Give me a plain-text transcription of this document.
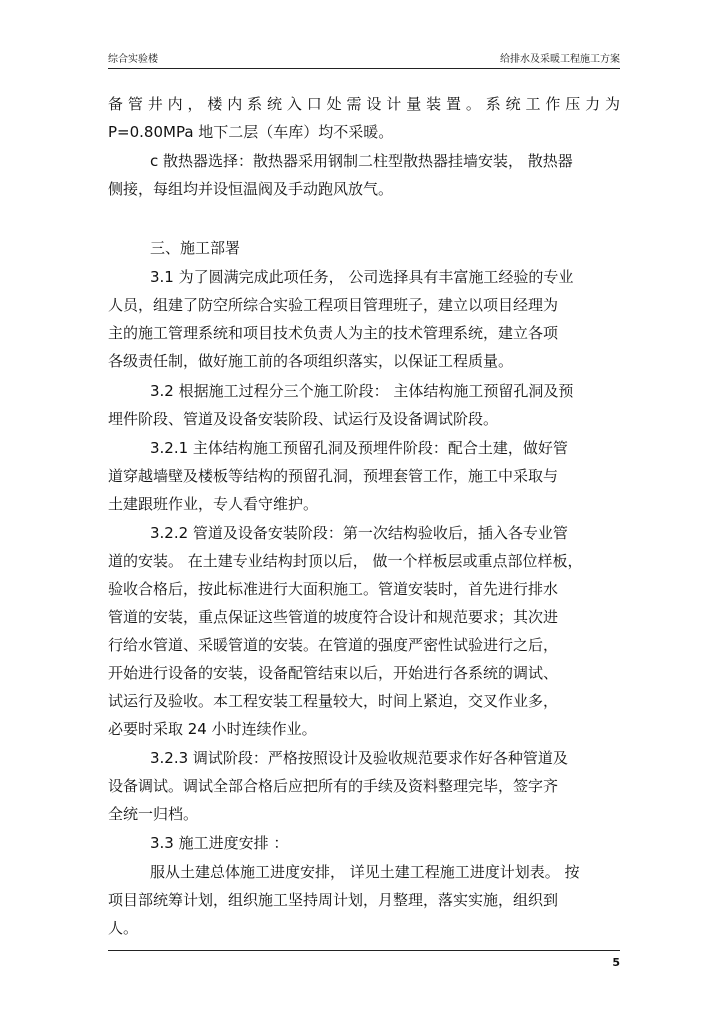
综合实验楼	给排水及采暖工程施工方案
备 管 井 内 ， 楼 内 系 统 入 口 处 需 设 计 量 装 置 。 系 统 工 作 压 力 为
P=0.80MPa 地下二层（车库）均不采暖。
c 散热器选择：散热器采用钢制二柱型散热器挂墙安装， 散热器
侧接，每组均并设恒温阀及手动跑风放气。
三、施工部署
3.1 为了圆满完成此项任务， 公司选择具有丰富施工经验的专业
人员，组建了防空所综合实验工程项目管理班子，建立以项目经理为
主的施工管理系统和项目技术负责人为主的技术管理系统，建立各项
各级责任制，做好施工前的各项组织落实，以保证工程质量。
3.2 根据施工过程分三个施工阶段： 主体结构施工预留孔洞及预
埋件阶段、管道及设备安装阶段、试运行及设备调试阶段。
3.2.1 主体结构施工预留孔洞及预埋件阶段：配合土建，做好管
道穿越墙壁及楼板等结构的预留孔洞，预埋套管工作，施工中采取与
土建跟班作业，专人看守维护。
3.2.2 管道及设备安装阶段：第一次结构验收后，插入各专业管
道的安装。 在土建专业结构封顶以后， 做一个样板层或重点部位样板，
验收合格后，按此标准进行大面积施工。管道安装时，首先进行排水
管道的安装，重点保证这些管道的坡度符合设计和规范要求；其次进
行给水管道、采暖管道的安装。在管道的强度严密性试验进行之后，
开始进行设备的安装，设备配管结束以后，开始进行各系统的调试、
试运行及验收。本工程安装工程量较大，时间上紧迫，交叉作业多，
必要时采取 24 小时连续作业。
3.2.3 调试阶段：严格按照设计及验收规范要求作好各种管道及
设备调试。调试全部合格后应把所有的手续及资料整理完毕，签字齐
全统一归档。
3.3 施工进度安排 ：
服从土建总体施工进度安排， 详见土建工程施工进度计划表。 按
项目部统筹计划，组织施工坚持周计划，月整理，落实实施，组织到
人。
5
